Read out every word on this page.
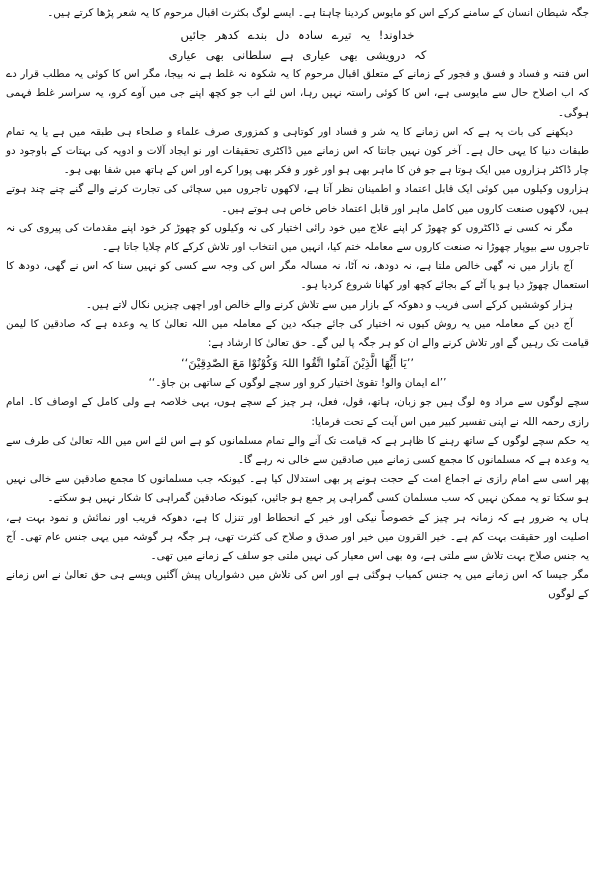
جگہ شیطان انسان کے سامنے کرکے اس کو مایوس کردینا چاہتا ہے۔ ایسے لوگ بکثرت اقبال مرحوم کا یہ شعر پڑھا کرتے ہیں۔

خداوند! یہ تیرے سادہ دل بندے کدھر جائیں
کہ درویشی بھی عیاری ہے سلطانی بھی عیاری

اس فتنہ و فساد و فسق و فجور کے زمانے کے متعلق اقبال مرحوم کا یہ شکوہ نہ غلط ہے نہ بیجا، مگر اس کا کوئی یہ مطلب قرار دے کہ اب اصلاح حال سے مایوسی ہے، اس کا کوئی راستہ نہیں رہا، اس لئے اب جو کچھ اپنے جی میں آوے کرو، یہ سراسر غلط فہمی ہوگی۔

دیکھنے کی بات یہ ہے کہ اس زمانے کا یہ شر و فساد اور کوتاہی و کمزوری صرف علماء و صلحاء ہی طبقہ میں ہے یا یہ تمام طبقات دنیا کا یہی حال ہے۔ آخر کون نہیں جانتا کہ اس زمانے میں ڈاکٹری تحقیقات اور نو ایجاد آلات و ادویہ کی بہتات کے باوجود دو چار ڈاکٹر ہزاروں میں ایک ہوتا ہے جو فن کا ماہر بھی ہو اور غور و فکر بھی پورا کرے اور اس کے ہاتھ میں شفا بھی ہو۔

ہزاروں وکیلوں میں کوئی ایک قابل اعتماد و اطمینان نظر آتا ہے، لاکھوں تاجروں میں سچائی کی تجارت کرنے والے گنے چنے چند ہوتے ہیں، لاکھوں صنعت کاروں میں کامل ماہر اور قابل اعتماد خاص خاص ہی ہوتے ہیں۔

مگر نہ کسی نے ڈاکٹروں کو چھوڑ کر اپنے علاج میں خود رائی اختیار کی نہ وکیلوں کو چھوڑ کر خود اپنے مقدمات کی پیروی کی نہ تاجروں سے بیوپار چھوڑا نہ صنعت کاروں سے معاملہ ختم کیا، انہیں میں انتخاب اور تلاش کرکے کام چلایا جاتا ہے۔

آج بازار میں نہ گھی خالص ملتا ہے، نہ دودھ، نہ آٹا، نہ مسالہ مگر اس کی وجہ سے کسی کو نہیں سنا کہ اس نے گھی، دودھ کا استعمال چھوڑ دیا ہو یا آٹے کے بجائے کچھ اور کھانا شروع کردیا ہو۔

ہزار کوششیں کرکے اسی فریب و دھوکہ کے بازار میں سے تلاش کرنے والے خالص اور اچھی چیزیں نکال لاتے ہیں۔

آج دین کے معاملہ میں یہ روش کیوں نہ اختیار کی جائے جبکہ دین کے معاملہ میں اللہ تعالیٰ کا یہ وعدہ ہے کہ صادقین کا لیمن قیامت تک رہیں گے اور تلاش کرنے والے ان کو ہر جگہ پا لیں گے۔ حق تعالیٰ کا ارشاد ہے:

’’یَا أَیُّھَا الَّذِیْنَ آمَنُوا اتَّقُوا اللہَ وَکُوْنُوْا مَعَ الصّٰدِقِیْنَ‘‘

’’اے ایمان والو! تقویٰ اختیار کرو اور سچے لوگوں کے ساتھی بن جاؤ۔‘‘

سچے لوگوں سے مراد وہ لوگ ہیں جو زبان، ہاتھ، قول، فعل، ہر چیز کے سچے ہوں، یہی خلاصہ ہے ولی کامل کے اوصاف کا۔ امام رازی رحمہ اللہ نے اپنی تفسیر کبیر میں اس آیت کے تحت فرمایا:

یہ حکم سچے لوگوں کے ساتھ رہنے کا ظاہر ہے کہ قیامت تک آنے والے تمام مسلمانوں کو ہے اس لئے اس میں اللہ تعالیٰ کی طرف سے یہ وعدہ ہے کہ مسلمانوں کا مجمع کسی زمانے میں صادقین سے خالی نہ رہے گا۔

پھر اسی سے امام رازی نے اجماع امت کے حجت ہونے پر بھی استدلال کیا ہے۔ کیونکہ جب مسلمانوں کا مجمع صادقین سے خالی نہیں ہو سکتا تو یہ ممکن نہیں کہ سب مسلمان کسی گمراہی پر جمع ہو جائیں، کیونکہ صادقین گمراہی کا شکار نہیں ہو سکتے۔

ہاں یہ ضرور ہے کہ زمانہ ہر چیز کے خصوصاً نیکی اور خیر کے انحطاط اور تنزل کا ہے، دھوکہ فریب اور نمائش و نمود بہت ہے، اصلیت اور حقیقت بہت کم ہے۔ خیر القرون میں خیر اور صدق و صلاح کی کثرت تھی، ہر جگہ ہر گوشہ میں یہی جنس عام تھی۔ آج یہ جنس صلاح بہت تلاش سے ملتی ہے، وہ بھی اس معیار کی نہیں ملتی جو سلف کے زمانے میں تھی۔

مگر جیسا کہ اس زمانے میں یہ جنس کمیاب ہوگئی ہے اور اس کی تلاش میں دشواریاں پیش آگئیں ویسے ہی حق تعالیٰ نے اس زمانے کے لوگوں
